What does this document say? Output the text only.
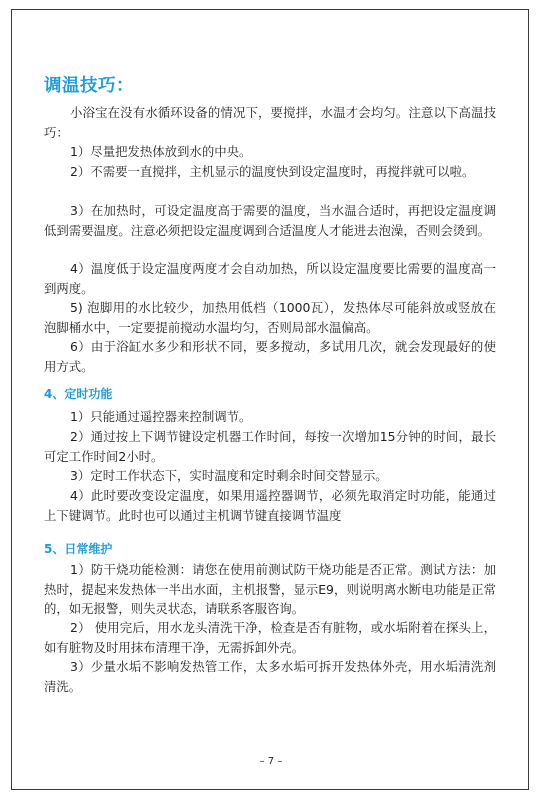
调温技巧：

小浴宝在没有水循环设备的情况下，要搅拌，水温才会均匀。注意以下高温技巧：

1）尽量把发热体放到水的中央。

2）不需要一直搅拌，主机显示的温度快到设定温度时，再搅拌就可以啦。

3）在加热时，可设定温度高于需要的温度，当水温合适时，再把设定温度调低到需要温度。注意必须把设定温度调到合适温度人才能进去泡澡，否则会烫到。

4）温度低于设定温度两度才会自动加热，所以设定温度要比需要的温度高一到两度。

5) 泡脚用的水比较少，加热用低档（1000瓦），发热体尽可能斜放或竖放在泡脚桶水中，一定要提前搅动水温均匀，否则局部水温偏高。

6）由于浴缸水多少和形状不同，要多搅动，多试用几次，就会发现最好的使用方式。

4、定时功能

1）只能通过遥控器来控制调节。

2）通过按上下调节键设定机器工作时间，每按一次增加15分钟的时间，最长可定工作时间2小时。

3）定时工作状态下，实时温度和定时剩余时间交替显示。

4）此时要改变设定温度，如果用遥控器调节，必须先取消定时功能，能通过上下键调节。此时也可以通过主机调节键直接调节温度

5、日常维护

1）防干烧功能检测：请您在使用前测试防干烧功能是否正常。测试方法：加热时，提起来发热体一半出水面，主机报警，显示E9，则说明离水断电功能是正常的，如无报警，则失灵状态，请联系客服咨询。

2） 使用完后，用水龙头清洗干净，检查是否有脏物，或水垢附着在探头上，如有脏物及时用抹布清理干净，无需拆卸外壳。

3）少量水垢不影响发热管工作，太多水垢可拆开发热体外壳，用水垢清洗剂清洗。

– 7 –
